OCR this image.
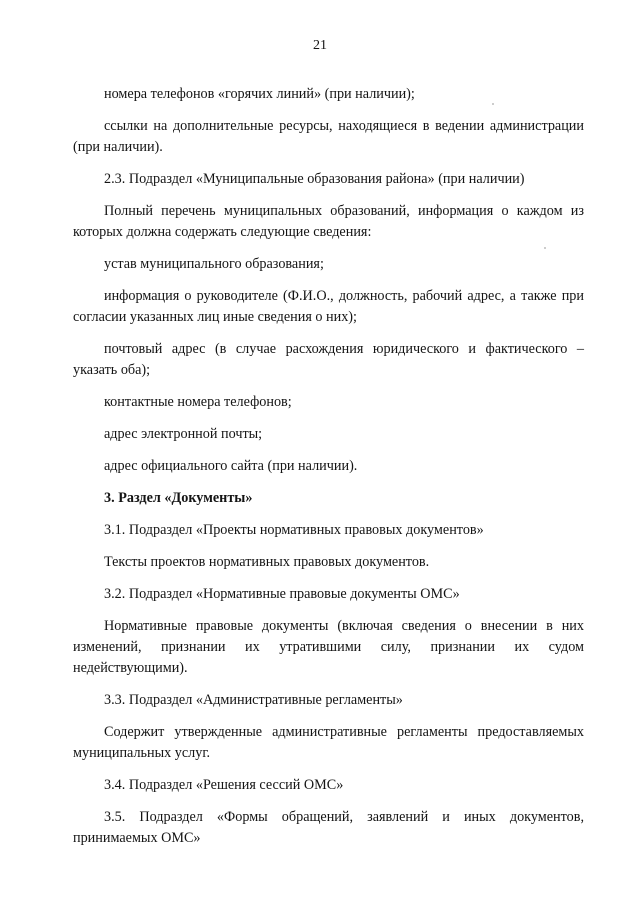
21

номера телефонов «горячих линий» (при наличии);

ссылки на дополнительные ресурсы, находящиеся в ведении администрации (при наличии).

2.3. Подраздел «Муниципальные образования района» (при наличии)

Полный перечень муниципальных образований, информация о каждом из которых должна содержать следующие сведения:

устав муниципального образования;

информация о руководителе (Ф.И.О., должность, рабочий адрес, а также при согласии указанных лиц иные сведения о них);

почтовый адрес (в случае расхождения юридического и фактического – указать оба);

контактные номера телефонов;

адрес электронной почты;

адрес официального сайта (при наличии).

3. Раздел «Документы»

3.1. Подраздел «Проекты нормативных правовых документов»

Тексты проектов нормативных правовых документов.

3.2. Подраздел «Нормативные правовые документы ОМС»

Нормативные правовые документы (включая сведения о внесении в них изменений, признании их утратившими силу, признании их судом недействующими).

3.3. Подраздел «Административные регламенты»

Содержит утвержденные административные регламенты предоставляемых муниципальных услуг.

3.4. Подраздел «Решения сессий ОМС»

3.5. Подраздел «Формы обращений, заявлений и иных документов, принимаемых ОМС»
